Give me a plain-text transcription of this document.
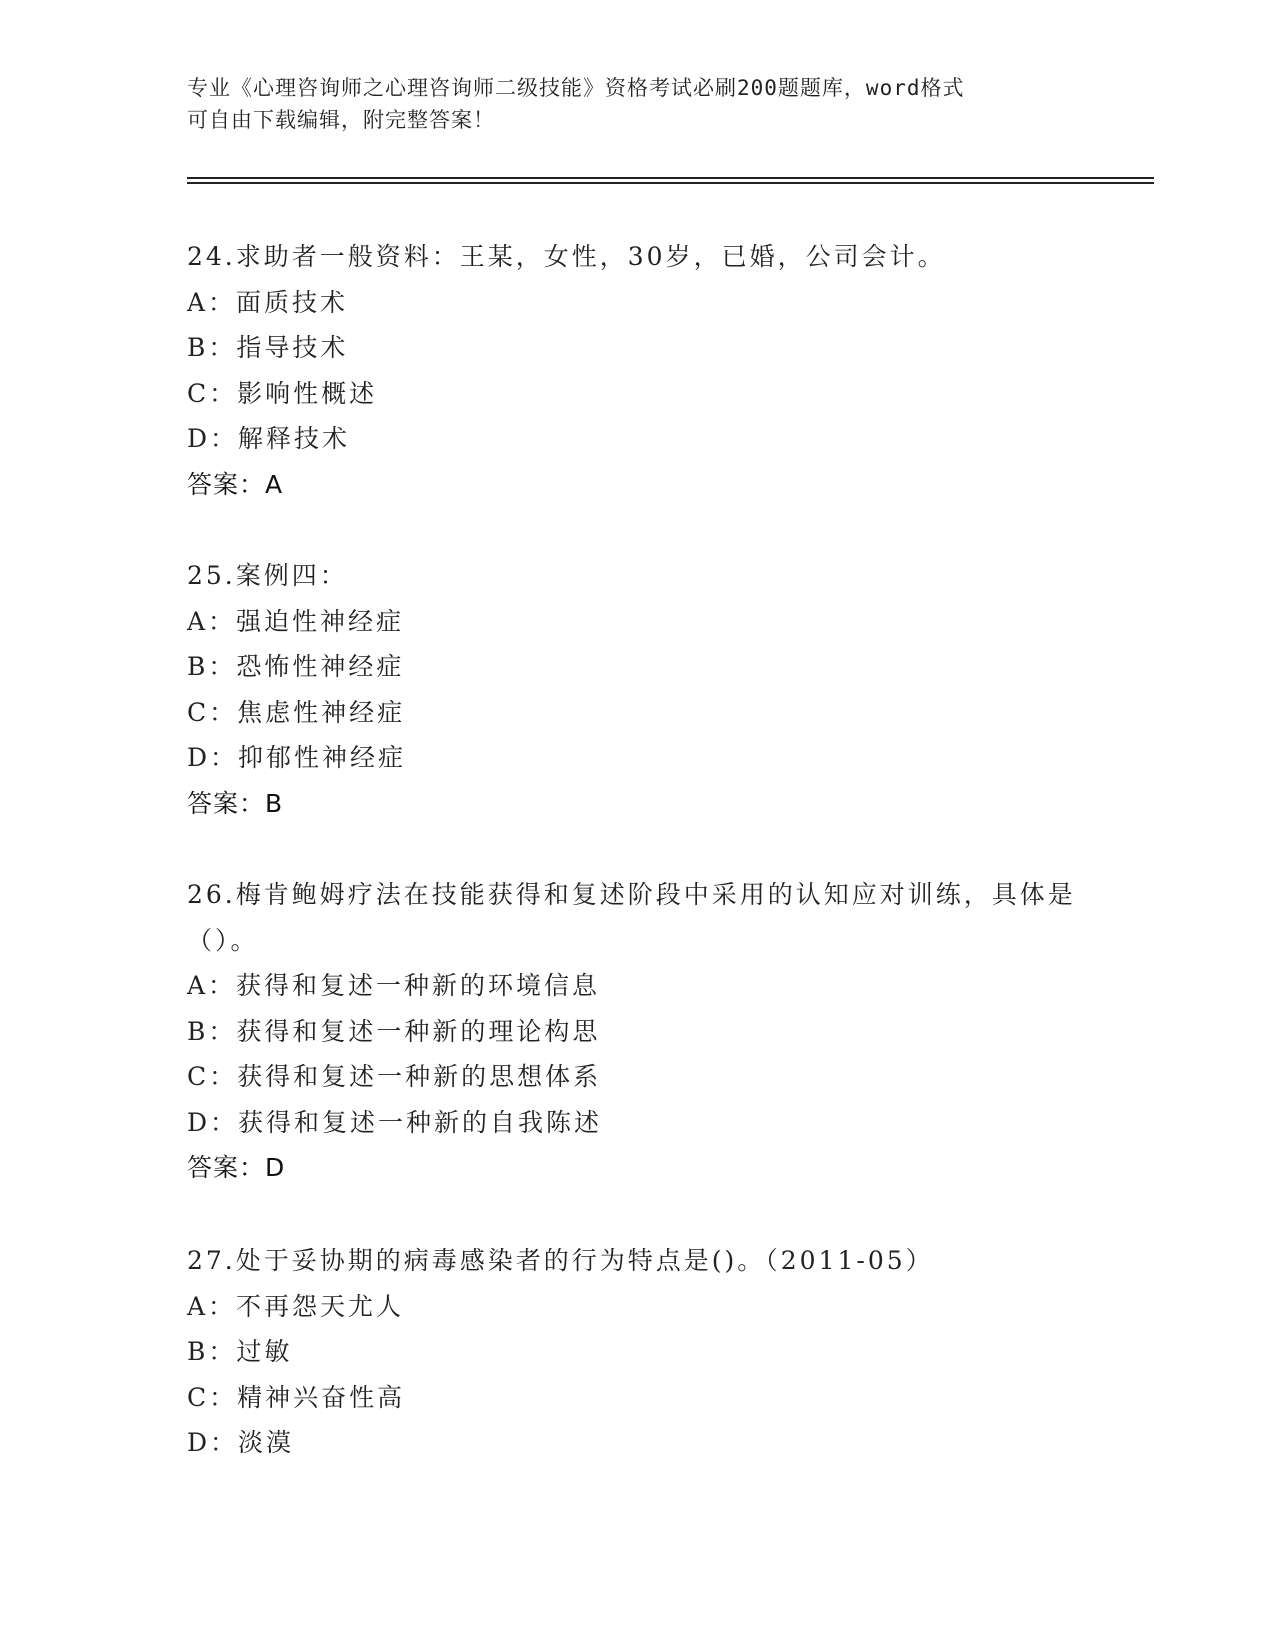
专业《心理咨询师之心理咨询师二级技能》资格考试必刷200题题库，word格式
可自由下载编辑，附完整答案！
24.求助者一般资料：王某，女性，30岁，已婚，公司会计。
A：面质技术
B：指导技术
C：影响性概述
D：解释技术
答案：A
25.案例四：
A：强迫性神经症
B：恐怖性神经症
C：焦虑性神经症
D：抑郁性神经症
答案：B
26.梅肯鲍姆疗法在技能获得和复述阶段中采用的认知应对训练，具体是（）。
A：获得和复述一种新的环境信息
B：获得和复述一种新的理论构思
C：获得和复述一种新的思想体系
D：获得和复述一种新的自我陈述
答案：D
27.处于妥协期的病毒感染者的行为特点是()。（2011-05）
A：不再怨天尤人
B：过敏
C：精神兴奋性高
D：淡漠
